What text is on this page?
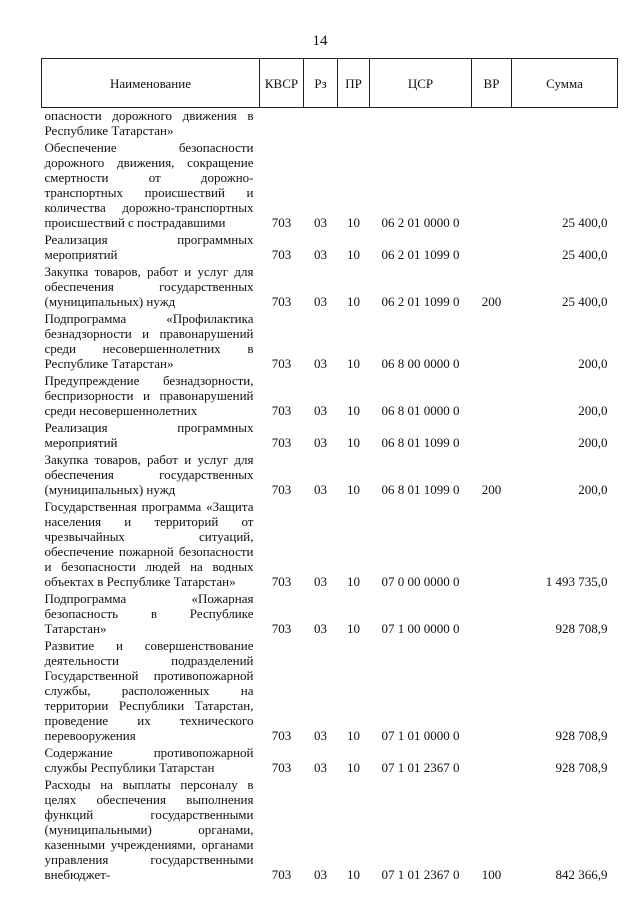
14
Наименование	КВСР	Рз	ПР	ЦСР	ВР	Сумма
опасности дорожного движения в Республике Татарстан»						
Обеспечение безопасности дорожного движения, сокращение смертности от дорожно-транспортных происшествий и количества дорожно-транспортных происшествий с пострадавшими	703	03	10	06 2 01 0000 0		25 400,0
Реализация программных мероприятий	703	03	10	06 2 01 1099 0		25 400,0
Закупка товаров, работ и услуг для обеспечения государственных (муниципальных) нужд	703	03	10	06 2 01 1099 0	200	25 400,0
Подпрограмма «Профилактика безнадзорности и правонарушений среди несовершеннолетних в Республике Татарстан»	703	03	10	06 8 00 0000 0		200,0
Предупреждение безнадзорности, беспризорности и правонарушений среди несовершеннолетних	703	03	10	06 8 01 0000 0		200,0
Реализация программных мероприятий	703	03	10	06 8 01 1099 0		200,0
Закупка товаров, работ и услуг для обеспечения государственных (муниципальных) нужд	703	03	10	06 8 01 1099 0	200	200,0
Государственная программа «Защита населения и территорий от чрезвычайных ситуаций, обеспечение пожарной безопасности и безопасности людей на водных объектах в Республике Татарстан»	703	03	10	07 0 00 0000 0		1 493 735,0
Подпрограмма «Пожарная безопасность в Республике Татарстан»	703	03	10	07 1 00 0000 0		928 708,9
Развитие и совершенствование деятельности подразделений Государственной противопожарной службы, расположенных на территории Республики Татарстан, проведение их технического перевооружения	703	03	10	07 1 01 0000 0		928 708,9
Содержание противопожарной службы Республики Татарстан	703	03	10	07 1 01 2367 0		928 708,9
Расходы на выплаты персоналу в целях обеспечения выполнения функций государственными (муниципальными) органами, казенными учреждениями, органами управления государственными внебюджет-	703	03	10	07 1 01 2367 0	100	842 366,9
